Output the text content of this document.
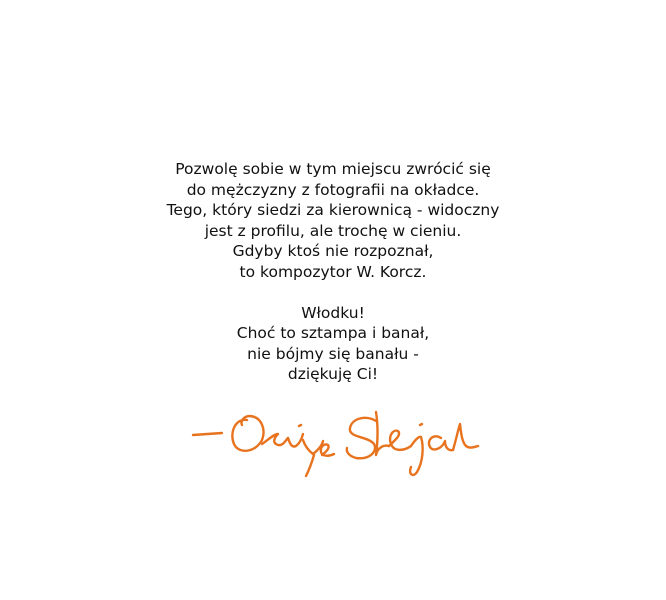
Pozwolę sobie w tym miejscu zwrócić się
do mężczyzny z fotografii na okładce.
Tego, który siedzi za kierownicą - widoczny
jest z profilu, ale trochę w cieniu.
Gdyby ktoś nie rozpoznał,
to kompozytor W. Korcz.
Włodku!
Choć to sztampa i banał,
nie bójmy się banału -
dziękuję Ci!
